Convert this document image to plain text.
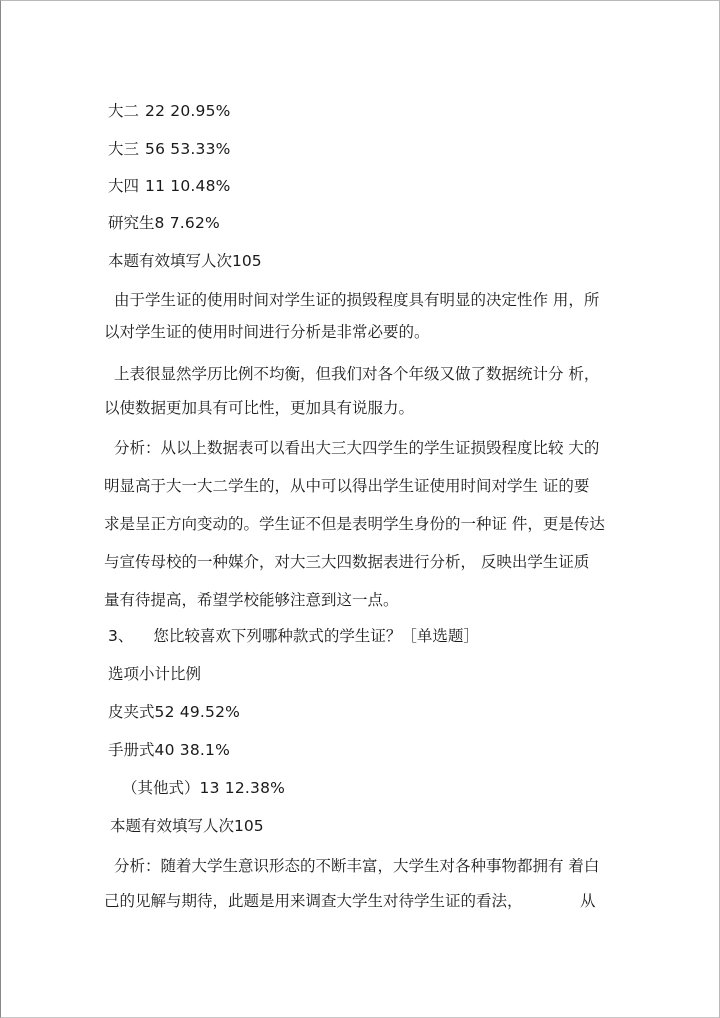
大二 22 20.95%
大三 56 53.33%
大四 11 10.48%
研究生8 7.62%
本题有效填写人次105
由于学生证的使用时间对学生证的损毁程度具有明显的决定性作 用，所
以对学生证的使用时间进行分析是非常必要的。
上表很显然学历比例不均衡，但我们对各个年级又做了数据统计分 析，
以使数据更加具有可比性，更加具有说服力。
分析：从以上数据表可以看出大三大四学生的学生证损毁程度比较 大的
明显高于大一大二学生的，从中可以得出学生证使用时间对学生 证的要
求是呈正方向变动的。学生证不但是表明学生身份的一种证 件，更是传达
与宣传母校的一种媒介，对大三大四数据表进行分析， 反映出学生证质
量有待提高，希望学校能够注意到这一点。
3、 您比较喜欢下列哪种款式的学生证？［单选题］
选项小计比例
皮夹式52 49.52%
手册式40 38.1%
（其他式）13 12.38%
本题有效填写人次105
分析：随着大学生意识形态的不断丰富，大学生对各种事物都拥有 着白
己的见解与期待，此题是用来调查大学生对待学生证的看法，	从
